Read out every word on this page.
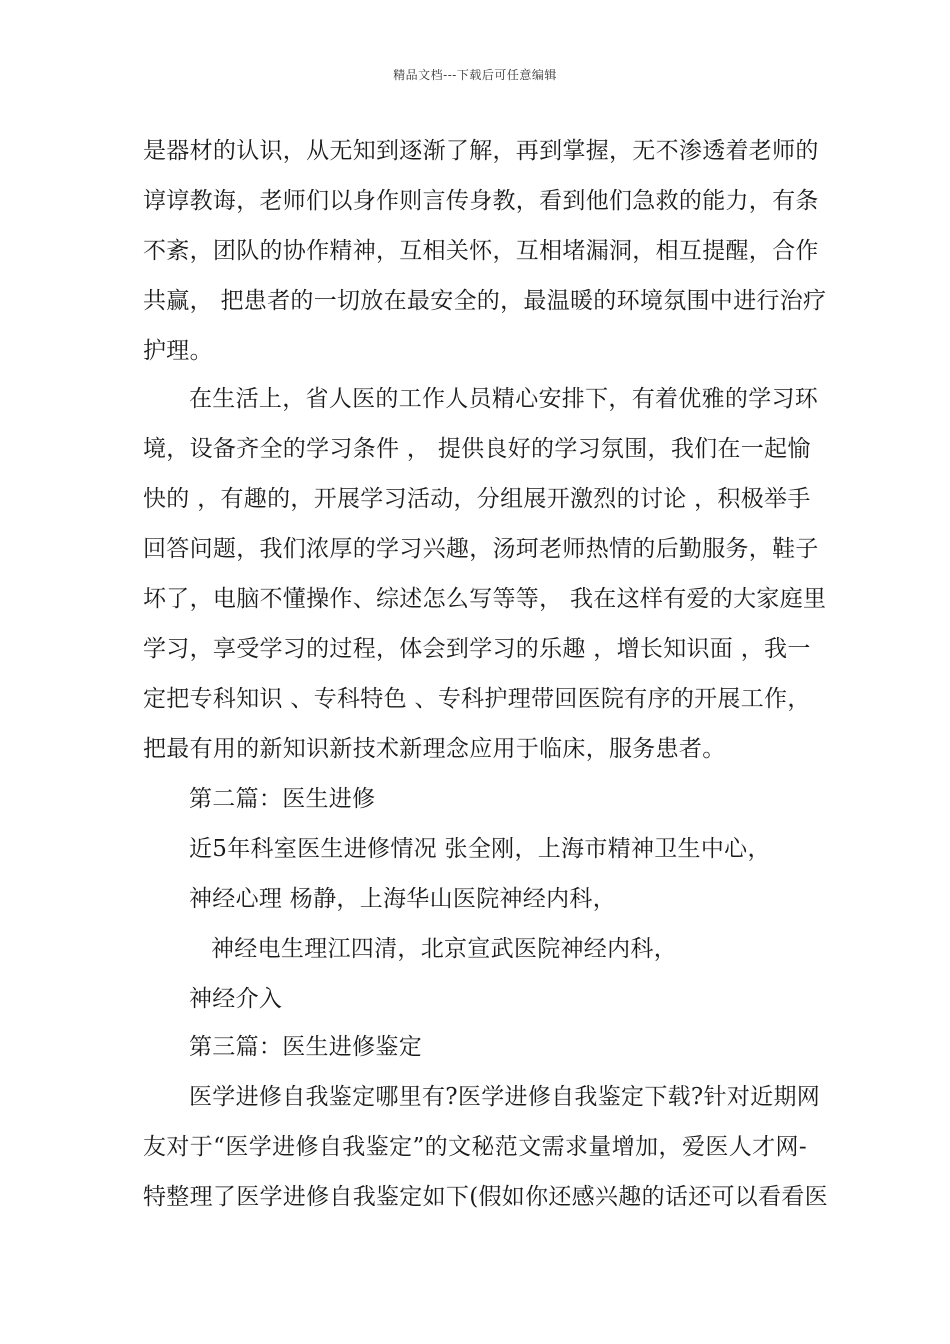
精品文档---下载后可任意编辑
是器材的认识，从无知到逐渐了解，再到掌握，无不渗透着老师的
谆谆教诲，老师们以身作则言传身教，看到他们急救的能力，有条
不紊，团队的协作精神，互相关怀，互相堵漏洞，相互提醒，合作
共赢， 把患者的一切放在最安全的，最温暖的环境氛围中进行治疗
护理。
在生活上，省人医的工作人员精心安排下，有着优雅的学习环
境，设备齐全的学习条件 ， 提供良好的学习氛围，我们在一起愉
快的 ，有趣的，开展学习活动，分组展开激烈的讨论 ，积极举手
回答问题，我们浓厚的学习兴趣，汤珂老师热情的后勤服务，鞋子
坏了，电脑不懂操作、综述怎么写等等， 我在这样有爱的大家庭里
学习，享受学习的过程，体会到学习的乐趣 ，增长知识面 ，我一
定把专科知识 、专科特色 、专科护理带回医院有序的开展工作，
把最有用的新知识新技术新理念应用于临床，服务患者。
第二篇：医生进修
近5年科室医生进修情况 张全刚，上海市精神卫生中心，
神经心理 杨静，上海华山医院神经内科，
神经电生理江四清，北京宣武医院神经内科，
神经介入
第三篇：医生进修鉴定
医学进修自我鉴定哪里有?医学进修自我鉴定下载?针对近期网
友对于“医学进修自我鉴定”的文秘范文需求量增加，爱医人才网-
特整理了医学进修自我鉴定如下(假如你还感兴趣的话还可以看看医
